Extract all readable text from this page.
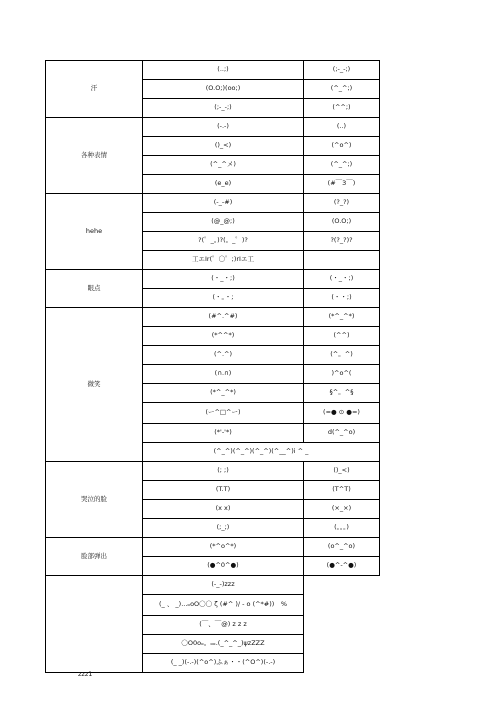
汗	(..;)	(;-_-;)
	(O.O;)(oo;)	(^_^;)
	(;-_-;)	(^^;)
各种表情	(-.-)	(..)
	()_<)	(^o^)
	(^_^メ)	(^_^;)
	(e_e)	(#￣3￣)
hehe	(-_-#)	(?_?)
	(@_@;)	(O.O;)
	?(゜_。)?(。_゜)?	?(?_?)?
	工エIr(゜〇゜;)rIエ工	
眼点	(・_・;)	(・_・;)
	(・。・;	(・・;)
微笑	(#^.^#)	(*^_^*)
	(*^^*)	(^^)
	(^.^)	(^。^)
	(∩.∩)	)^o^(
	(*^_^*)	§^。^§
	(ー^□^ー)	(=● ⊙ ●=)
	(*'-'*)	d(^_^o)
	(^_^)(^_^)(^_^)(^__^)i ^ _	
哭泣的脸	(; ;)	()_<)
	(T.T)	(T^T)
	(x x)	(×_×)
	(;_;)	(。。。)
脸部弹出	(*^o^*)	(o^_^o)
	(●^0^●)	(●^-^●)

zzz1	(-_-)zzz	
	(_ 、 _)...ₒoO〇〇 ζ (#^ )/ - ο (^*#))　%	
	(￣、￣@) z z z	
	〇O0oₒ。ₒₒ.(_^_^_)ψzZZZ	
	(_ _)(-.-)(^o^)ふぁ・・(^O^)(-.-)	
